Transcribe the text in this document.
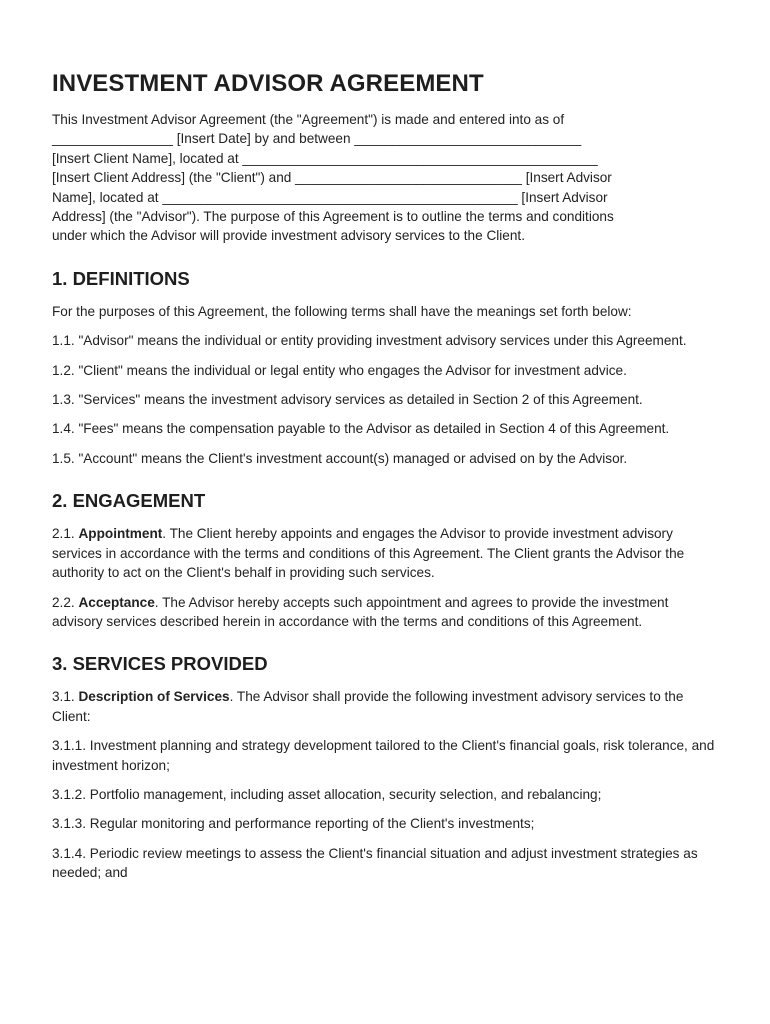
INVESTMENT ADVISOR AGREEMENT

This Investment Advisor Agreement (the "Agreement") is made and entered into as of
________________ [Insert Date] by and between ______________________________
[Insert Client Name], located at _______________________________________________
[Insert Client Address] (the "Client") and ______________________________ [Insert Advisor
Name], located at _______________________________________________ [Insert Advisor
Address] (the "Advisor"). The purpose of this Agreement is to outline the terms and conditions
under which the Advisor will provide investment advisory services to the Client.

1. DEFINITIONS

For the purposes of this Agreement, the following terms shall have the meanings set forth below:

1.1. "Advisor" means the individual or entity providing investment advisory services under this Agreement.

1.2. "Client" means the individual or legal entity who engages the Advisor for investment advice.

1.3. "Services" means the investment advisory services as detailed in Section 2 of this Agreement.

1.4. "Fees" means the compensation payable to the Advisor as detailed in Section 4 of this Agreement.

1.5. "Account" means the Client's investment account(s) managed or advised on by the Advisor.

2. ENGAGEMENT

2.1. Appointment. The Client hereby appoints and engages the Advisor to provide investment advisory services in accordance with the terms and conditions of this Agreement. The Client grants the Advisor the authority to act on the Client's behalf in providing such services.

2.2. Acceptance. The Advisor hereby accepts such appointment and agrees to provide the investment advisory services described herein in accordance with the terms and conditions of this Agreement.

3. SERVICES PROVIDED

3.1. Description of Services. The Advisor shall provide the following investment advisory services to the Client:

3.1.1. Investment planning and strategy development tailored to the Client's financial goals, risk tolerance, and investment horizon;

3.1.2. Portfolio management, including asset allocation, security selection, and rebalancing;

3.1.3. Regular monitoring and performance reporting of the Client's investments;

3.1.4. Periodic review meetings to assess the Client's financial situation and adjust investment strategies as needed; and
